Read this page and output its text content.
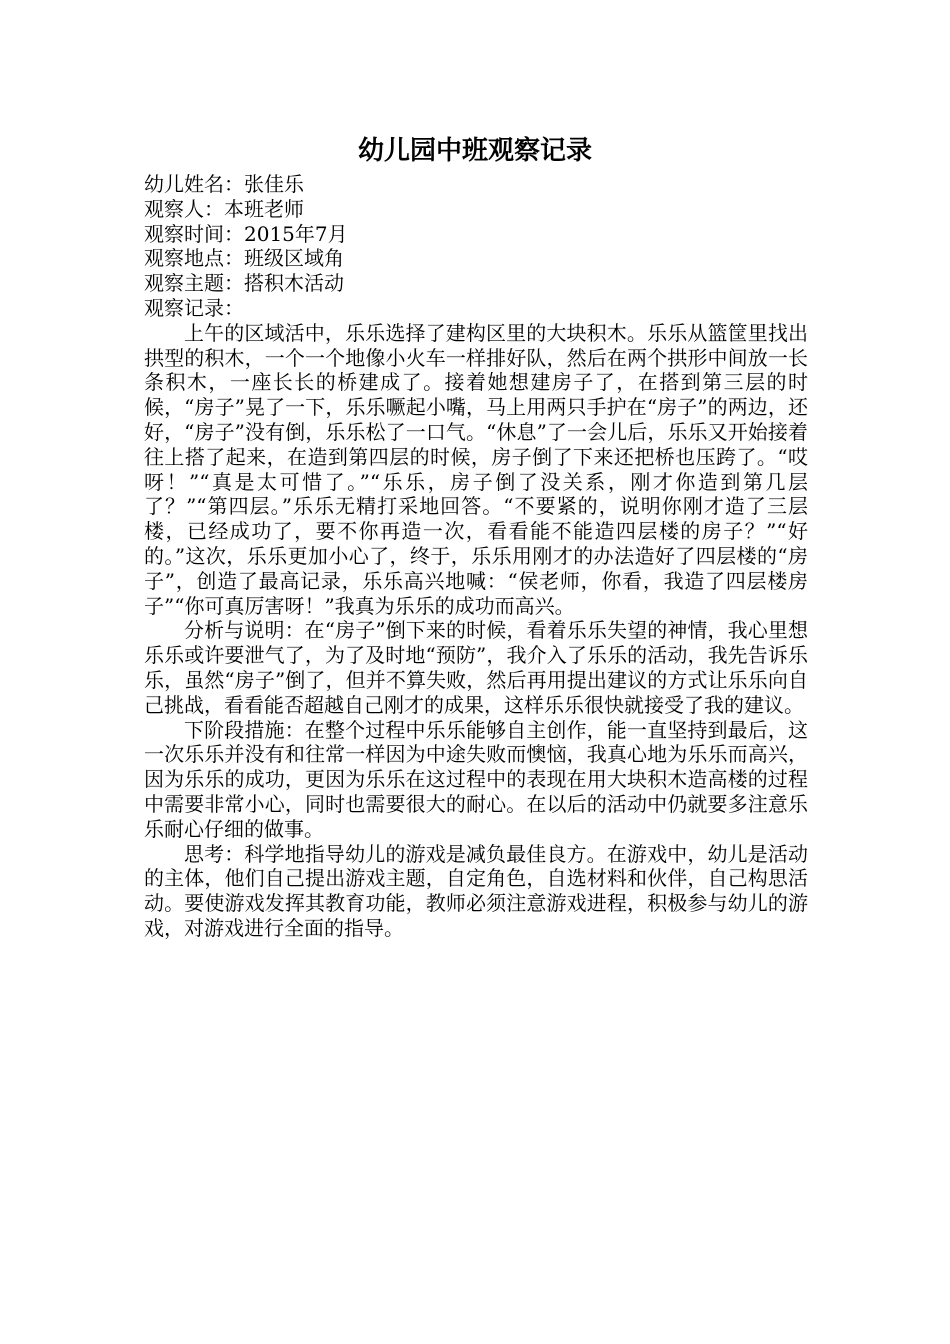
幼儿园中班观察记录

幼儿姓名：张佳乐

观察人：本班老师

观察时间：2015年7月

观察地点：班级区域角

观察主题：搭积木活动

观察记录：

上午的区域活中，乐乐选择了建构区里的大块积木。乐乐从篮筐里找出拱型的积木，一个一个地像小火车一样排好队，然后在两个拱形中间放一长条积木，一座长长的桥建成了。接着她想建房子了，在搭到第三层的时候，“房子”晃了一下，乐乐噘起小嘴，马上用两只手护在“房子”的两边，还好，“房子”没有倒，乐乐松了一口气。“休息”了一会儿后，乐乐又开始接着往上搭了起来，在造到第四层的时候，房子倒了下来还把桥也压跨了。“哎呀！”“真是太可惜了。”“乐乐，房子倒了没关系，刚才你造到第几层了？”“第四层。”乐乐无精打采地回答。“不要紧的，说明你刚才造了三层楼，已经成功了，要不你再造一次，看看能不能造四层楼的房子？”“好的。”这次，乐乐更加小心了，终于，乐乐用刚才的办法造好了四层楼的“房子”，创造了最高记录，乐乐高兴地喊：“侯老师，你看，我造了四层楼房子”“你可真厉害呀！”我真为乐乐的成功而高兴。

分析与说明：在“房子”倒下来的时候，看着乐乐失望的神情，我心里想乐乐或许要泄气了，为了及时地“预防”，我介入了乐乐的活动，我先告诉乐乐，虽然“房子”倒了，但并不算失败，然后再用提出建议的方式让乐乐向自己挑战，看看能否超越自己刚才的成果，这样乐乐很快就接受了我的建议。

下阶段措施：在整个过程中乐乐能够自主创作，能一直坚持到最后，这一次乐乐并没有和往常一样因为中途失败而懊恼，我真心地为乐乐而高兴，因为乐乐的成功，更因为乐乐在这过程中的表现在用大块积木造高楼的过程中需要非常小心，同时也需要很大的耐心。在以后的活动中仍就要多注意乐乐耐心仔细的做事。

思考：科学地指导幼儿的游戏是减负最佳良方。在游戏中，幼儿是活动的主体，他们自己提出游戏主题，自定角色，自选材料和伙伴，自己构思活动。要使游戏发挥其教育功能，教师必须注意游戏进程，积极参与幼儿的游戏，对游戏进行全面的指导。
